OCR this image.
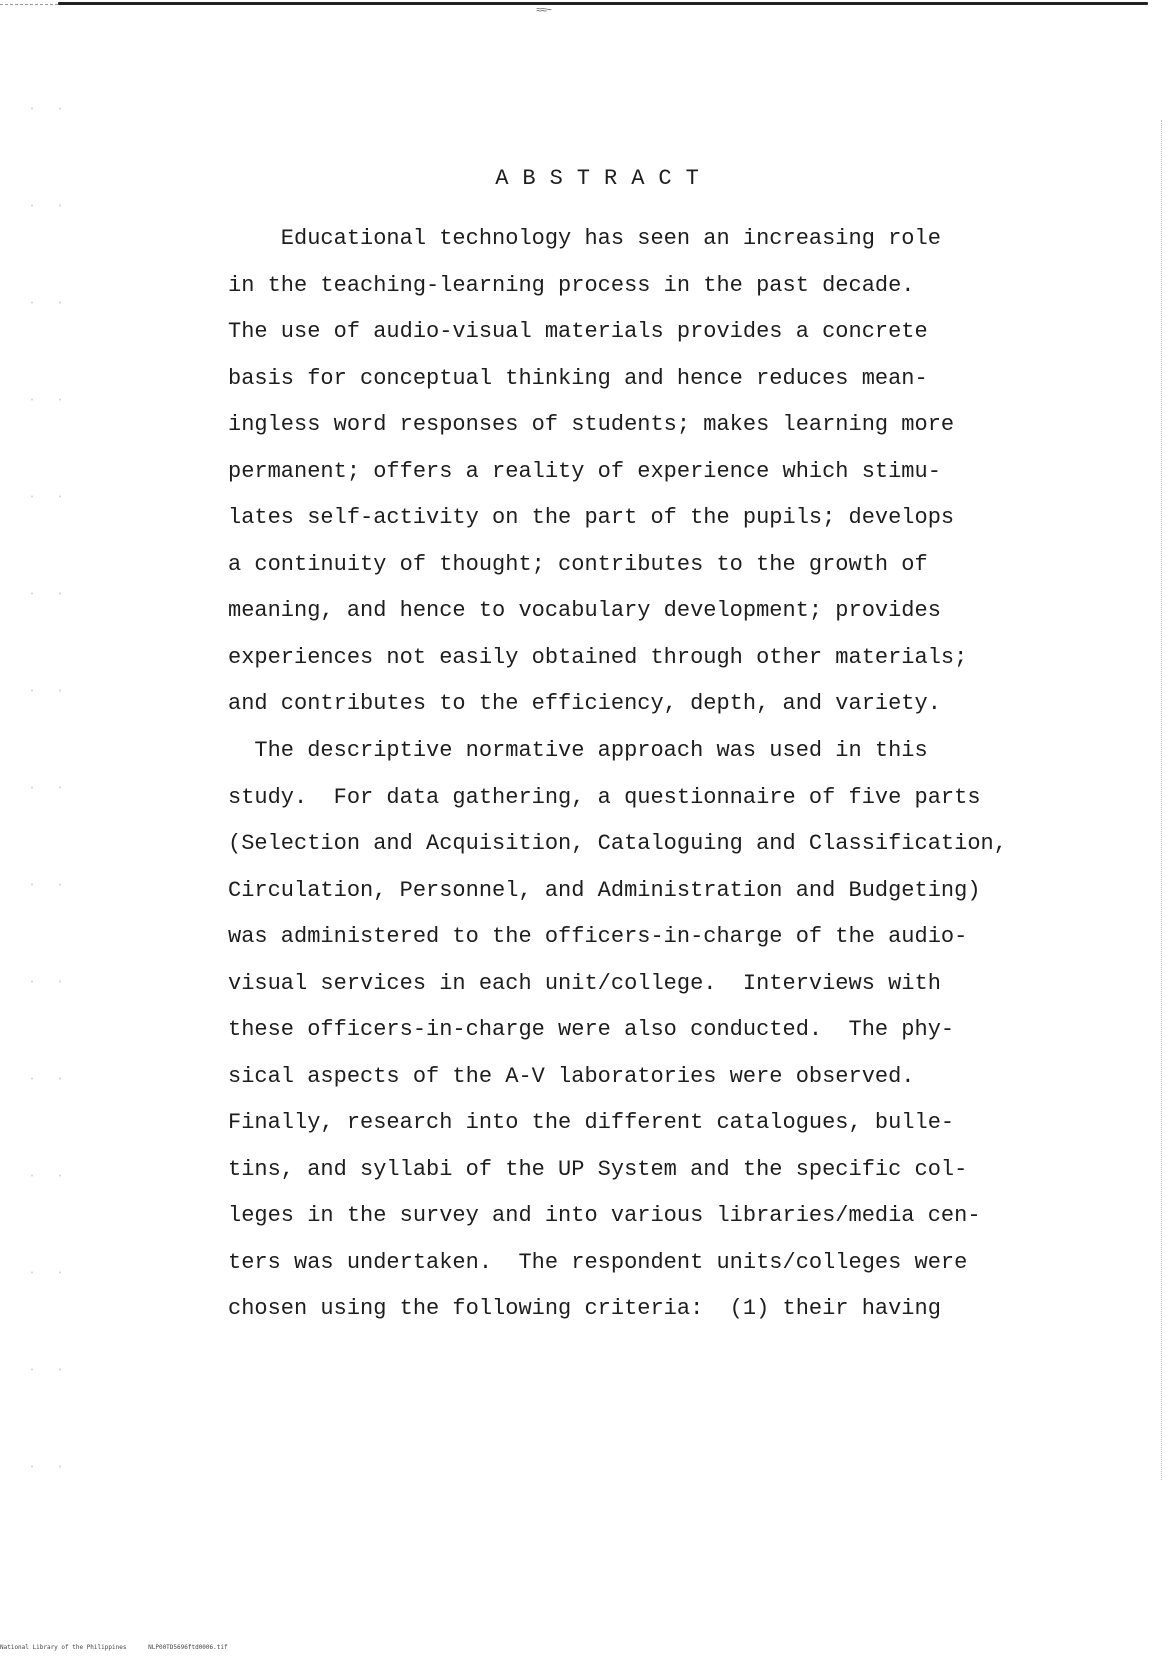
≈≈~
ABSTRACT
Educational technology has seen an increasing role
in the teaching-learning process in the past decade.
The use of audio-visual materials provides a concrete
basis for conceptual thinking and hence reduces mean-
ingless word responses of students; makes learning more
permanent; offers a reality of experience which stimu-
lates self-activity on the part of the pupils; develops
a continuity of thought; contributes to the growth of
meaning, and hence to vocabulary development; provides
experiences not easily obtained through other materials;
and contributes to the efficiency, depth, and variety.
The descriptive normative approach was used in this
study.  For data gathering, a questionnaire of five parts
(Selection and Acquisition, Cataloguing and Classification,
Circulation, Personnel, and Administration and Budgeting)
was administered to the officers-in-charge of the audio-
visual services in each unit/college.  Interviews with
these officers-in-charge were also conducted.  The phy-
sical aspects of the A-V laboratories were observed.
Finally, research into the different catalogues, bulle-
tins, and syllabi of the UP System and the specific col-
leges in the survey and into various libraries/media cen-
ters was undertaken.  The respondent units/colleges were
chosen using the following criteria:  (1) their having
National Library of the Philippines	NLP00TD5696ftd0006.tif
